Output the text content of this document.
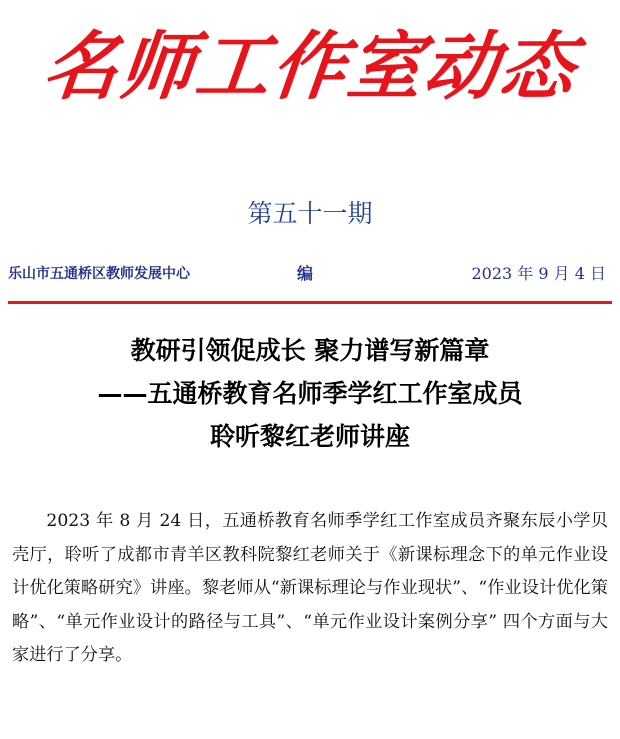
名师工作室动态
第五十一期
乐山市五通桥区教师发展中心	编	2023 年 9 月 4 日
教研引领促成长 聚力谱写新篇章
——五通桥教育名师季学红工作室成员
聆听黎红老师讲座

2023 年 8 月 24 日，五通桥教育名师季学红工作室成员齐聚东辰小学贝壳厅，聆听了成都市青羊区教科院黎红老师关于《新课标理念下的单元作业设计优化策略研究》讲座。黎老师从“新课标理论与作业现状”、“作业设计优化策略”、“单元作业设计的路径与工具”、“单元作业设计案例分享” 四个方面与大家进行了分享。
